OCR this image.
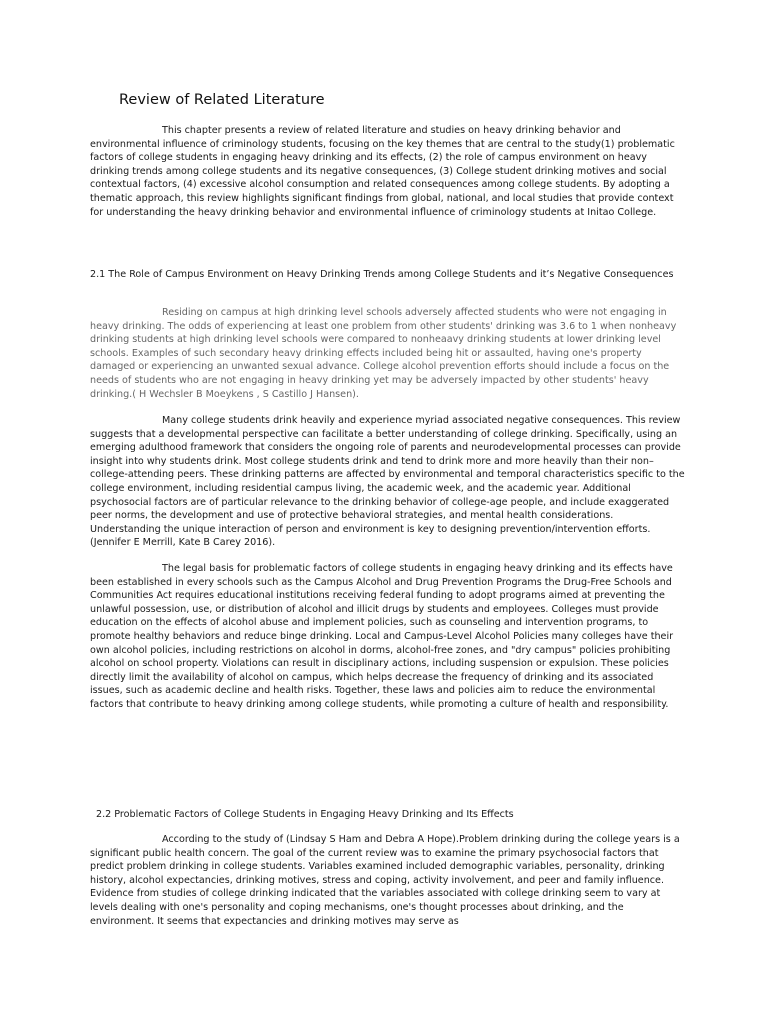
Review of Related Literature

This chapter presents a review of related literature and studies on heavy drinking behavior and environmental influence of criminology students, focusing on the key themes that are central to the study(1) problematic factors of college students in engaging heavy drinking and its effects, (2) the role of campus environment on heavy drinking trends among college students and its negative consequences, (3) College student drinking motives and social contextual factors, (4) excessive alcohol consumption and related consequences among college students. By adopting a thematic approach, this review highlights significant findings from global, national, and local studies that provide context for understanding the heavy drinking behavior and environmental influence of criminology students at Initao College.

2.1 The Role of Campus Environment on Heavy Drinking Trends among College Students and it’s Negative Consequences

Residing on campus at high drinking level schools adversely affected students who were not engaging in heavy drinking. The odds of experiencing at least one problem from other students' drinking was 3.6 to 1 when nonheavy drinking students at high drinking level schools were compared to nonheaavy drinking students at lower drinking level schools. Examples of such secondary heavy drinking effects included being hit or assaulted, having one's property damaged or experiencing an unwanted sexual advance. College alcohol prevention efforts should include a focus on the needs of students who are not engaging in heavy drinking yet may be adversely impacted by other students' heavy drinking.( H Wechsler B Moeykens , S Castillo J Hansen).

Many college students drink heavily and experience myriad associated negative consequences. This review suggests that a developmental perspective can facilitate a better understanding of college drinking. Specifically, using an emerging adulthood framework that considers the ongoing role of parents and neurodevelopmental processes can provide insight into why students drink. Most college students drink and tend to drink more and more heavily than their non–college-attending peers. These drinking patterns are affected by environmental and temporal characteristics specific to the college environment, including residential campus living, the academic week, and the academic year. Additional psychosocial factors are of particular relevance to the drinking behavior of college-age people, and include exaggerated peer norms, the development and use of protective behavioral strategies, and mental health considerations. Understanding the unique interaction of person and environment is key to designing prevention/intervention efforts. (Jennifer E Merrill, Kate B Carey 2016).

The legal basis for problematic factors of college students in engaging heavy drinking and its effects have been established in every schools such as the Campus Alcohol and Drug Prevention Programs the Drug-Free Schools and Communities Act requires educational institutions receiving federal funding to adopt programs aimed at preventing the unlawful possession, use, or distribution of alcohol and illicit drugs by students and employees. Colleges must provide education on the effects of alcohol abuse and implement policies, such as counseling and intervention programs, to promote healthy behaviors and reduce binge drinking. Local and Campus-Level Alcohol Policies many colleges have their own alcohol policies, including restrictions on alcohol in dorms, alcohol-free zones, and "dry campus" policies prohibiting alcohol on school property. Violations can result in disciplinary actions, including suspension or expulsion. These policies directly limit the availability of alcohol on campus, which helps decrease the frequency of drinking and its associated issues, such as academic decline and health risks. Together, these laws and policies aim to reduce the environmental factors that contribute to heavy drinking among college students, while promoting a culture of health and responsibility.

2.2 Problematic Factors of College Students in Engaging Heavy Drinking and Its Effects

According to the study of (Lindsay S Ham and Debra A Hope).Problem drinking during the college years is a significant public health concern. The goal of the current review was to examine the primary psychosocial factors that predict problem drinking in college students. Variables examined included demographic variables, personality, drinking history, alcohol expectancies, drinking motives, stress and coping, activity involvement, and peer and family influence. Evidence from studies of college drinking indicated that the variables associated with college drinking seem to vary at levels dealing with one's personality and coping mechanisms, one's thought processes about drinking, and the environment. It seems that expectancies and drinking motives may serve as
